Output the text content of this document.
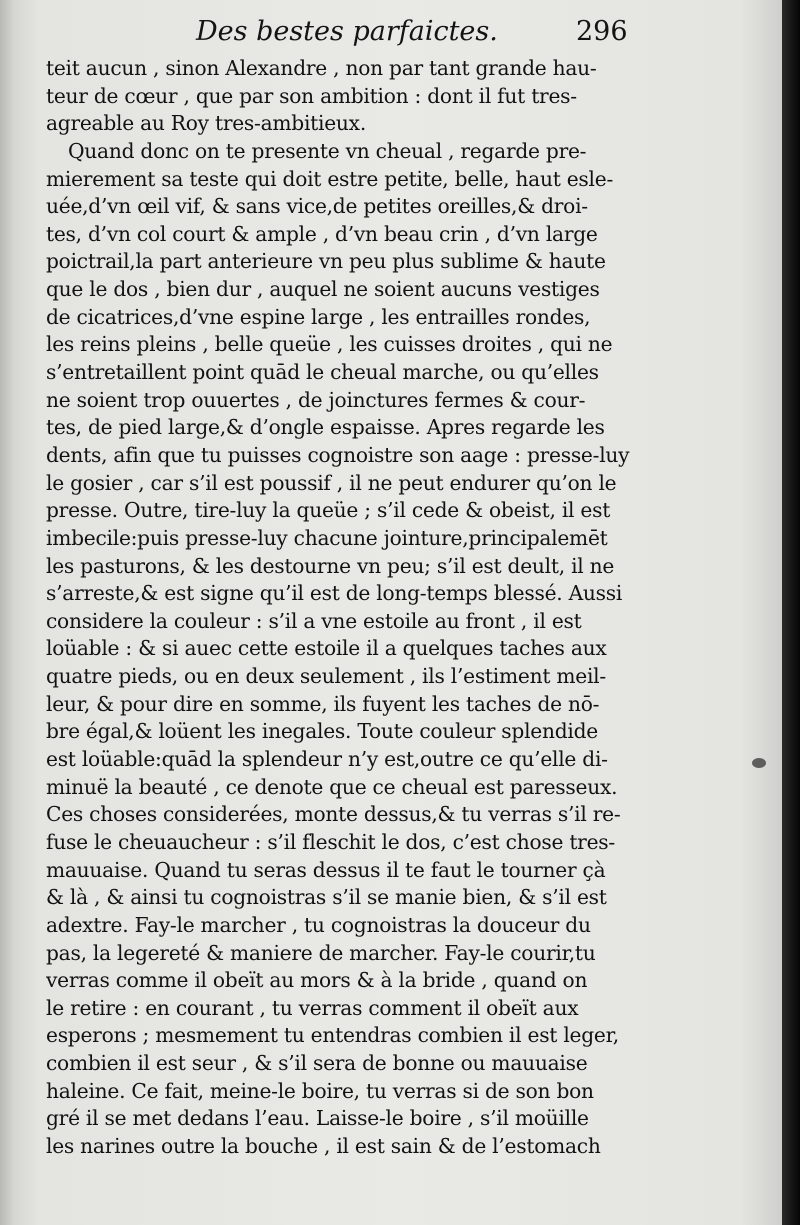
Des bestes parfaictes.	296
teit aucun , sinon Alexandre , non par tant grande hau-
teur de cœur , que par son ambition : dont il fut tres-
agreable au Roy tres-ambitieux.
Quand donc on te presente vn cheual , regarde pre-
mierement sa teste qui doit estre petite, belle, haut esle-
uée,d’vn œil vif, & sans vice,de petites oreilles,& droi-
tes, d’vn col court & ample , d’vn beau crin , d’vn large
poictrail,la part anterieure vn peu plus sublime & haute
que le dos , bien dur , auquel ne soient aucuns vestiges
de cicatrices,d’vne espine large , les entrailles rondes,
les reins pleins , belle queüe , les cuisses droites , qui ne
s’entretaillent point quād le cheual marche, ou qu’elles
ne soient trop ouuertes , de joinctures fermes & cour-
tes, de pied large,& d’ongle espaisse. Apres regarde les
dents, afin que tu puisses cognoistre son aage : presse-luy
le gosier , car s’il est poussif , il ne peut endurer qu’on le
presse. Outre, tire-luy la queüe ; s’il cede & obeist, il est
imbecile:puis presse-luy chacune jointure,principalemēt
les pasturons, & les destourne vn peu; s’il est deult, il ne
s’arreste,& est signe qu’il est de long-temps blessé. Aussi
considere la couleur : s’il a vne estoile au front , il est
loüable : & si auec cette estoile il a quelques taches aux
quatre pieds, ou en deux seulement , ils l’estiment meil-
leur, & pour dire en somme, ils fuyent les taches de nō-
bre égal,& loüent les inegales. Toute couleur splendide
est loüable:quād la splendeur n’y est,outre ce qu’elle di-
minuë la beauté , ce denote que ce cheual est paresseux.
Ces choses considerées, monte dessus,& tu verras s’il re-
fuse le cheuaucheur : s’il fleschit le dos, c’est chose tres-
mauuaise. Quand tu seras dessus il te faut le tourner çà
& là , & ainsi tu cognoistras s’il se manie bien, & s’il est
adextre. Fay-le marcher , tu cognoistras la douceur du
pas, la legereté & maniere de marcher. Fay-le courir,tu
verras comme il obeït au mors & à la bride , quand on
le retire : en courant , tu verras comment il obeït aux
esperons ; mesmement tu entendras combien il est leger,
combien il est seur , & s’il sera de bonne ou mauuaise
haleine. Ce fait, meine-le boire, tu verras si de son bon
gré il se met dedans l’eau. Laisse-le boire , s’il moüille
les narines outre la bouche , il est sain & de l’estomach
